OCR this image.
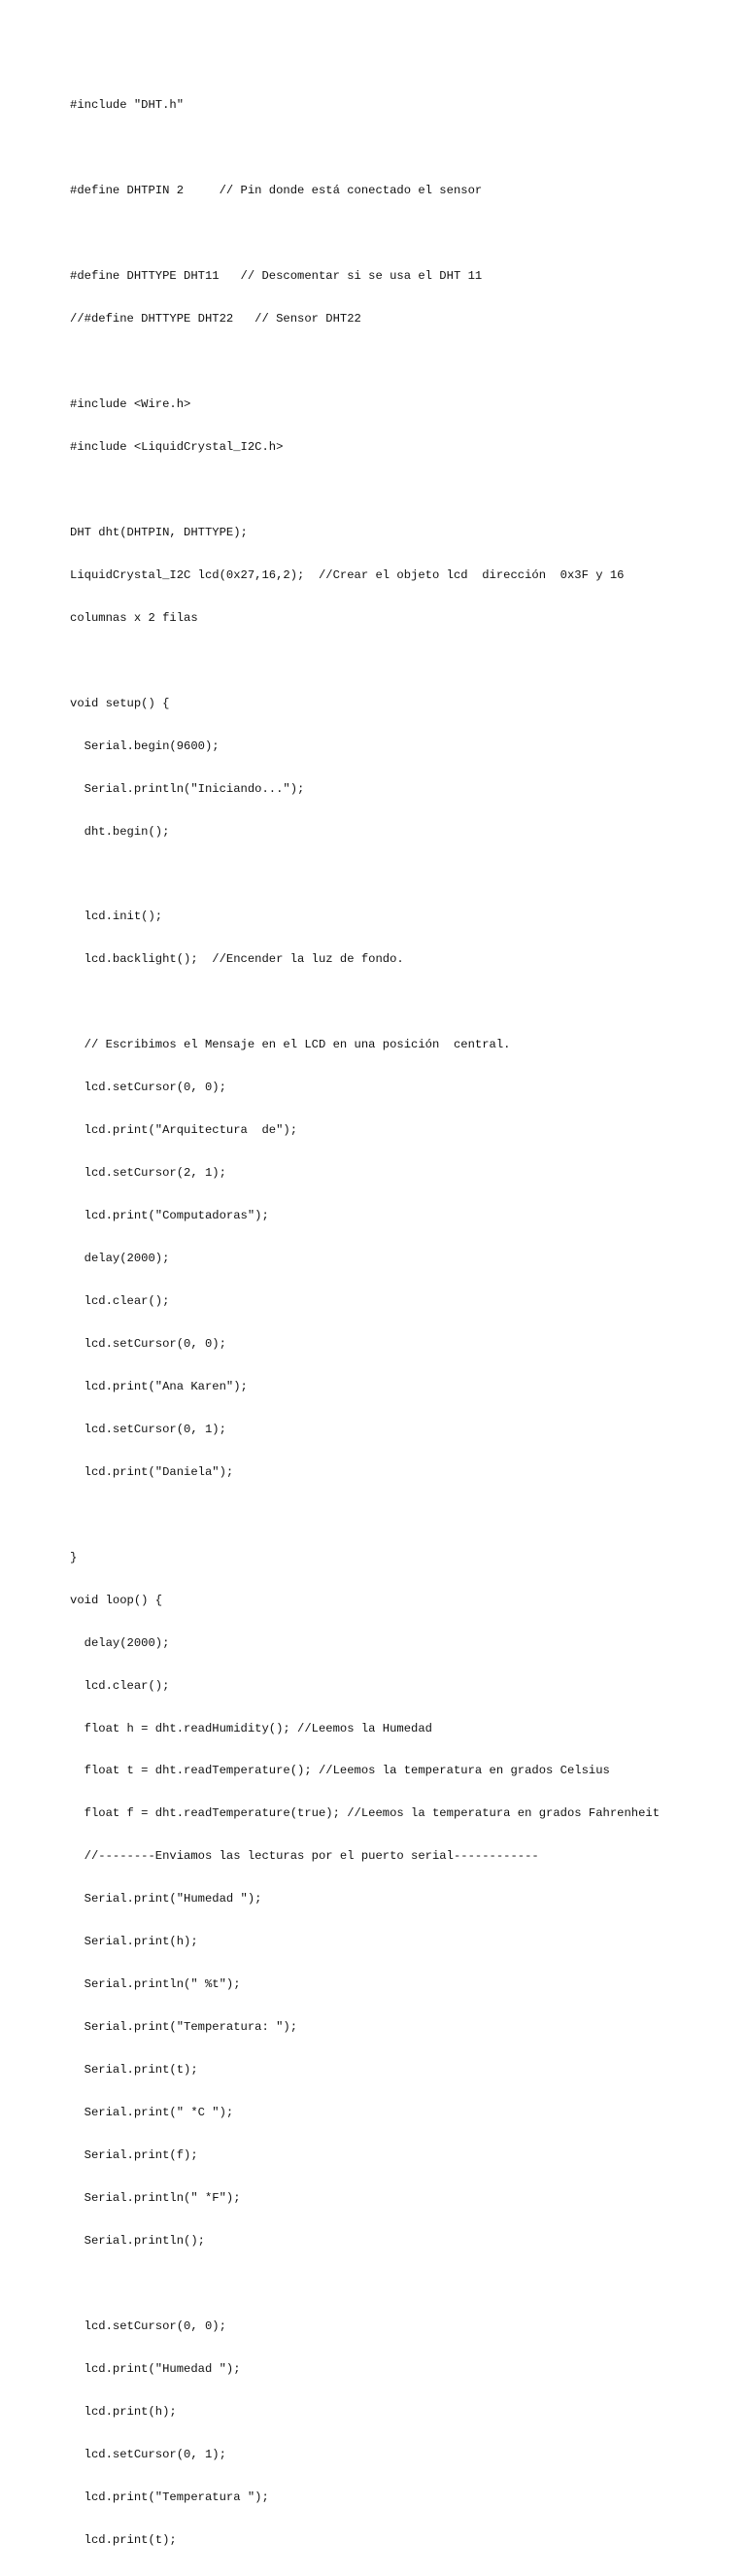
#include "DHT.h"

#define DHTPIN 2     // Pin donde está conectado el sensor

#define DHTTYPE DHT11   // Descomentar si se usa el DHT 11

//#define DHTTYPE DHT22   // Sensor DHT22

#include <Wire.h>

#include <LiquidCrystal_I2C.h>

DHT dht(DHTPIN, DHTTYPE);

LiquidCrystal_I2C lcd(0x27,16,2);  //Crear el objeto lcd  dirección  0x3F y 16

columnas x 2 filas

void setup() {

Serial.begin(9600);

Serial.println("Iniciando...");

dht.begin();

lcd.init();

lcd.backlight();  //Encender la luz de fondo.

// Escribimos el Mensaje en el LCD en una posición  central.

lcd.setCursor(0, 0);

lcd.print("Arquitectura  de");

lcd.setCursor(2, 1);

lcd.print("Computadoras");

delay(2000);

lcd.clear();

lcd.setCursor(0, 0);

lcd.print("Ana Karen");

lcd.setCursor(0, 1);

lcd.print("Daniela");

}

void loop() {

delay(2000);

lcd.clear();

float h = dht.readHumidity(); //Leemos la Humedad

float t = dht.readTemperature(); //Leemos la temperatura en grados Celsius

float f = dht.readTemperature(true); //Leemos la temperatura en grados Fahrenheit

//--------Enviamos las lecturas por el puerto serial------------

Serial.print("Humedad ");

Serial.print(h);

Serial.println(" %t");

Serial.print("Temperatura: ");

Serial.print(t);

Serial.print(" *C ");

Serial.print(f);

Serial.println(" *F");

Serial.println();

lcd.setCursor(0, 0);

lcd.print("Humedad ");

lcd.print(h);

lcd.setCursor(0, 1);

lcd.print("Temperatura ");

lcd.print(t);
